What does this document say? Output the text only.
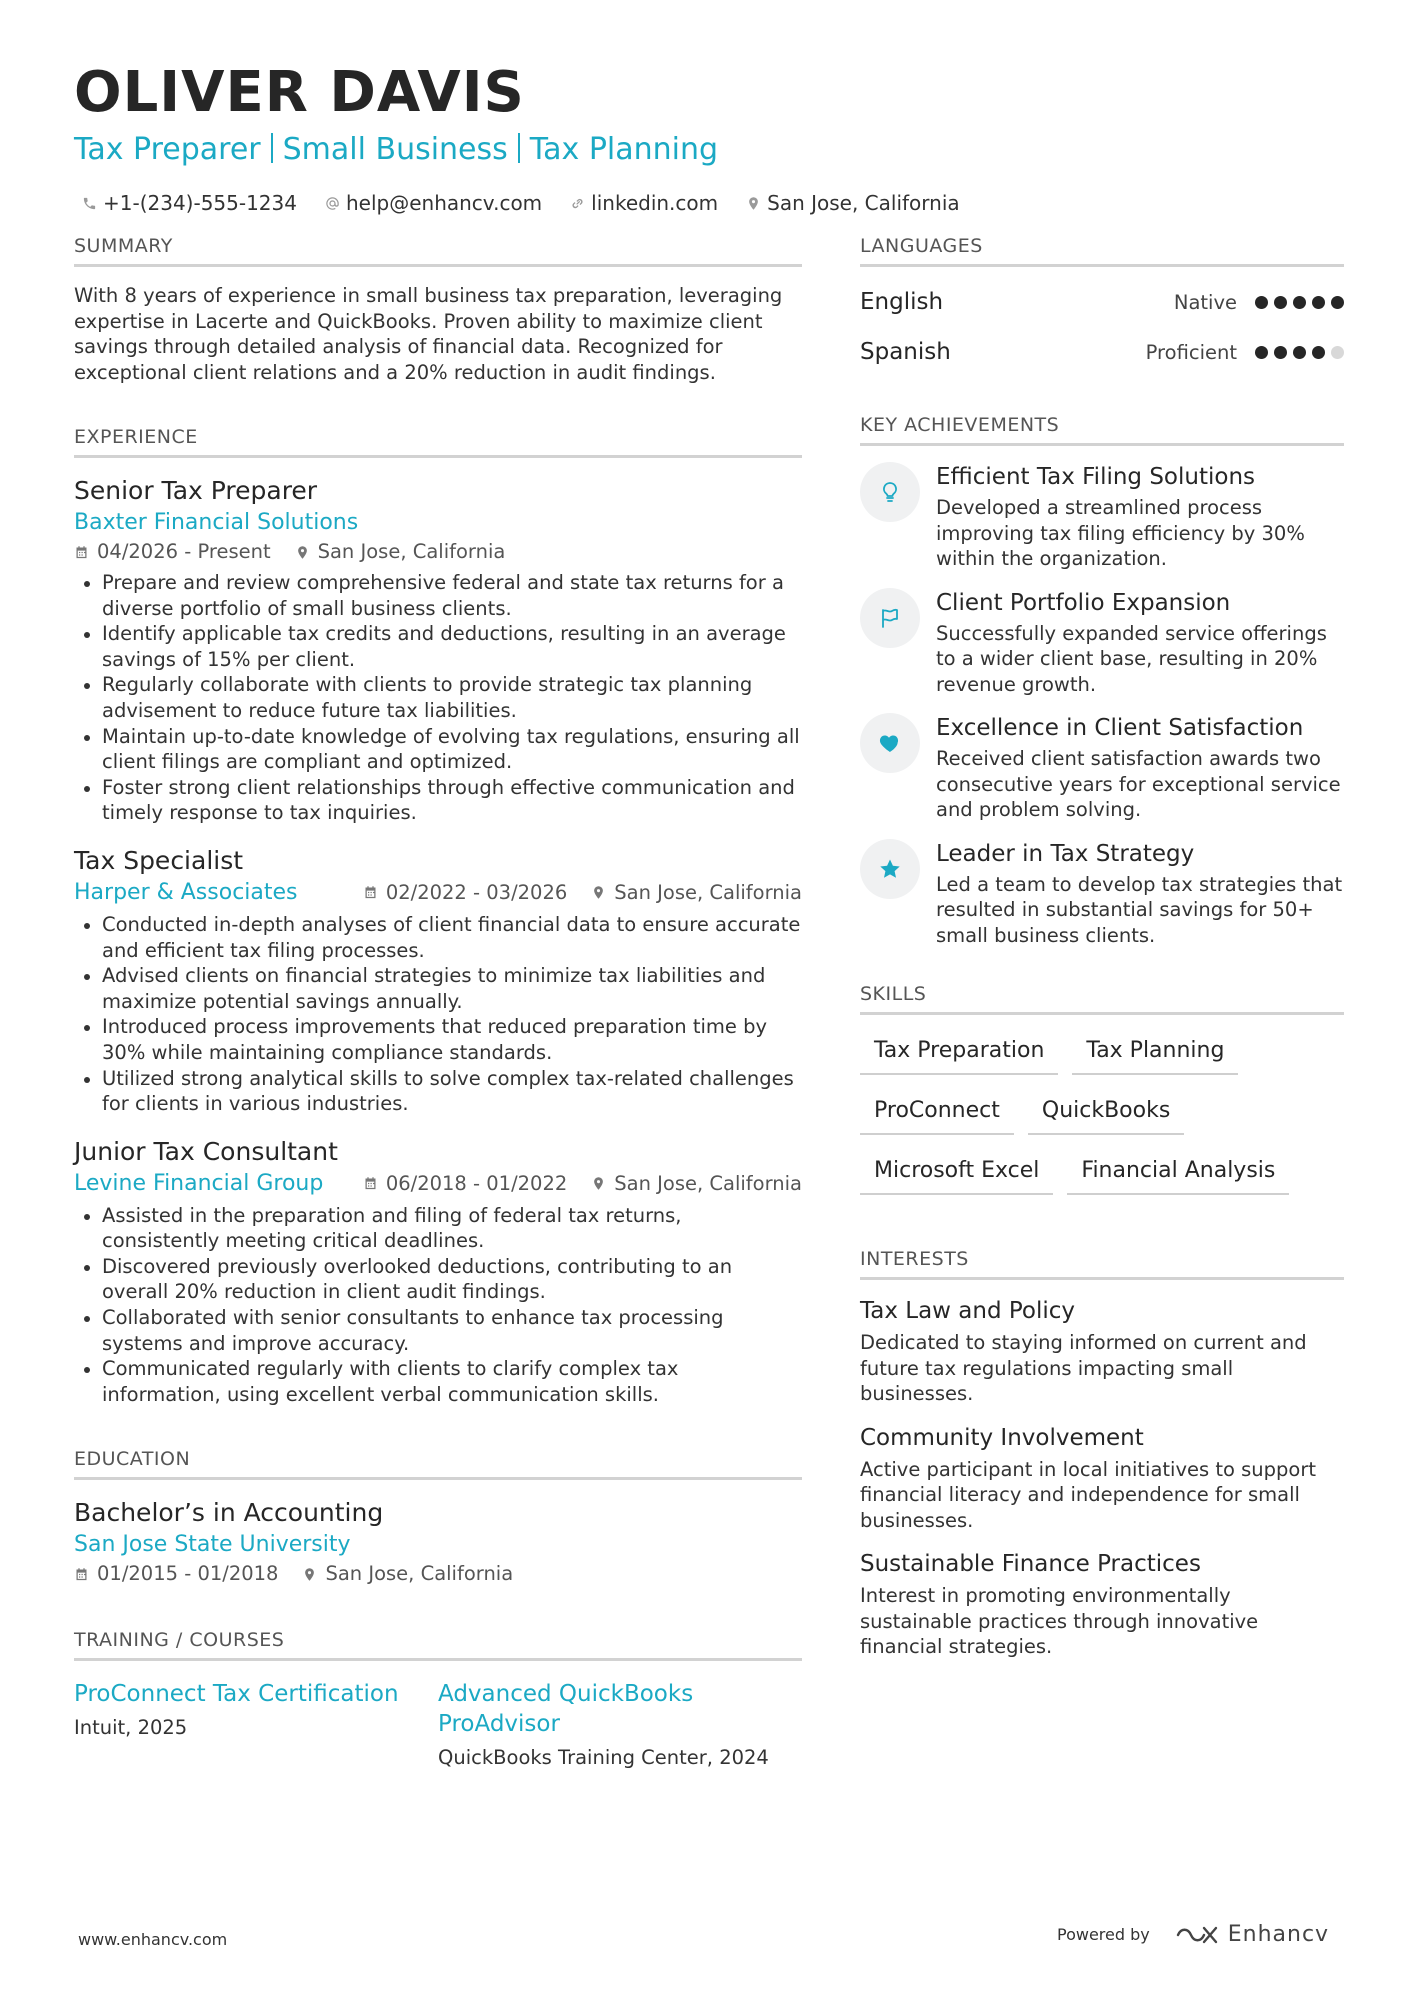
OLIVER DAVIS
Tax Preparer Small Business Tax Planning
+1-(234)-555-1234 help@enhancv.com linkedin.com San Jose, California
SUMMARY

With 8 years of experience in small business tax preparation, leveraging expertise in Lacerte and QuickBooks. Proven ability to maximize client savings through detailed analysis of financial data. Recognized for exceptional client relations and a 20% reduction in audit findings.

EXPERIENCE
Senior Tax Preparer
Baxter Financial Solutions
04/2026 - Present San Jose, California
Prepare and review comprehensive federal and state tax returns for a diverse portfolio of small business clients.
Identify applicable tax credits and deductions, resulting in an average savings of 15% per client.
Regularly collaborate with clients to provide strategic tax planning advisement to reduce future tax liabilities.
Maintain up-to-date knowledge of evolving tax regulations, ensuring all client filings are compliant and optimized.
Foster strong client relationships through effective communication and timely response to tax inquiries.
Tax Specialist
Harper & Associates	02/2022 - 03/2026 San Jose, California
Conducted in-depth analyses of client financial data to ensure accurate and efficient tax filing processes.
Advised clients on financial strategies to minimize tax liabilities and maximize potential savings annually.
Introduced process improvements that reduced preparation time by 30% while maintaining compliance standards.
Utilized strong analytical skills to solve complex tax-related challenges for clients in various industries.
Junior Tax Consultant
Levine Financial Group	06/2018 - 01/2022 San Jose, California
Assisted in the preparation and filing of federal tax returns, consistently meeting critical deadlines.
Discovered previously overlooked deductions, contributing to an overall 20% reduction in client audit findings.
Collaborated with senior consultants to enhance tax processing systems and improve accuracy.
Communicated regularly with clients to clarify complex tax information, using excellent verbal communication skills.
EDUCATION
Bachelor’s in Accounting
San Jose State University
01/2015 - 01/2018 San Jose, California
TRAINING / COURSES
ProConnect Tax Certification
Intuit, 2025
Advanced QuickBooks ProAdvisor
QuickBooks Training Center, 2024
LANGUAGES
English	Native
Spanish	Proficient
KEY ACHIEVEMENTS
Efficient Tax Filing Solutions
Developed a streamlined process improving tax filing efficiency by 30% within the organization.
Client Portfolio Expansion
Successfully expanded service offerings to a wider client base, resulting in 20% revenue growth.
Excellence in Client Satisfaction
Received client satisfaction awards two consecutive years for exceptional service and problem solving.
Leader in Tax Strategy
Led a team to develop tax strategies that resulted in substantial savings for 50+ small business clients.
SKILLS
Tax Preparation	Tax Planning
ProConnect	QuickBooks
Microsoft Excel	Financial Analysis
INTERESTS
Tax Law and Policy
Dedicated to staying informed on current and future tax regulations impacting small businesses.
Community Involvement
Active participant in local initiatives to support financial literacy and independence for small businesses.
Sustainable Finance Practices
Interest in promoting environmentally sustainable practices through innovative financial strategies.
www.enhancv.com	Powered by	Enhancv
